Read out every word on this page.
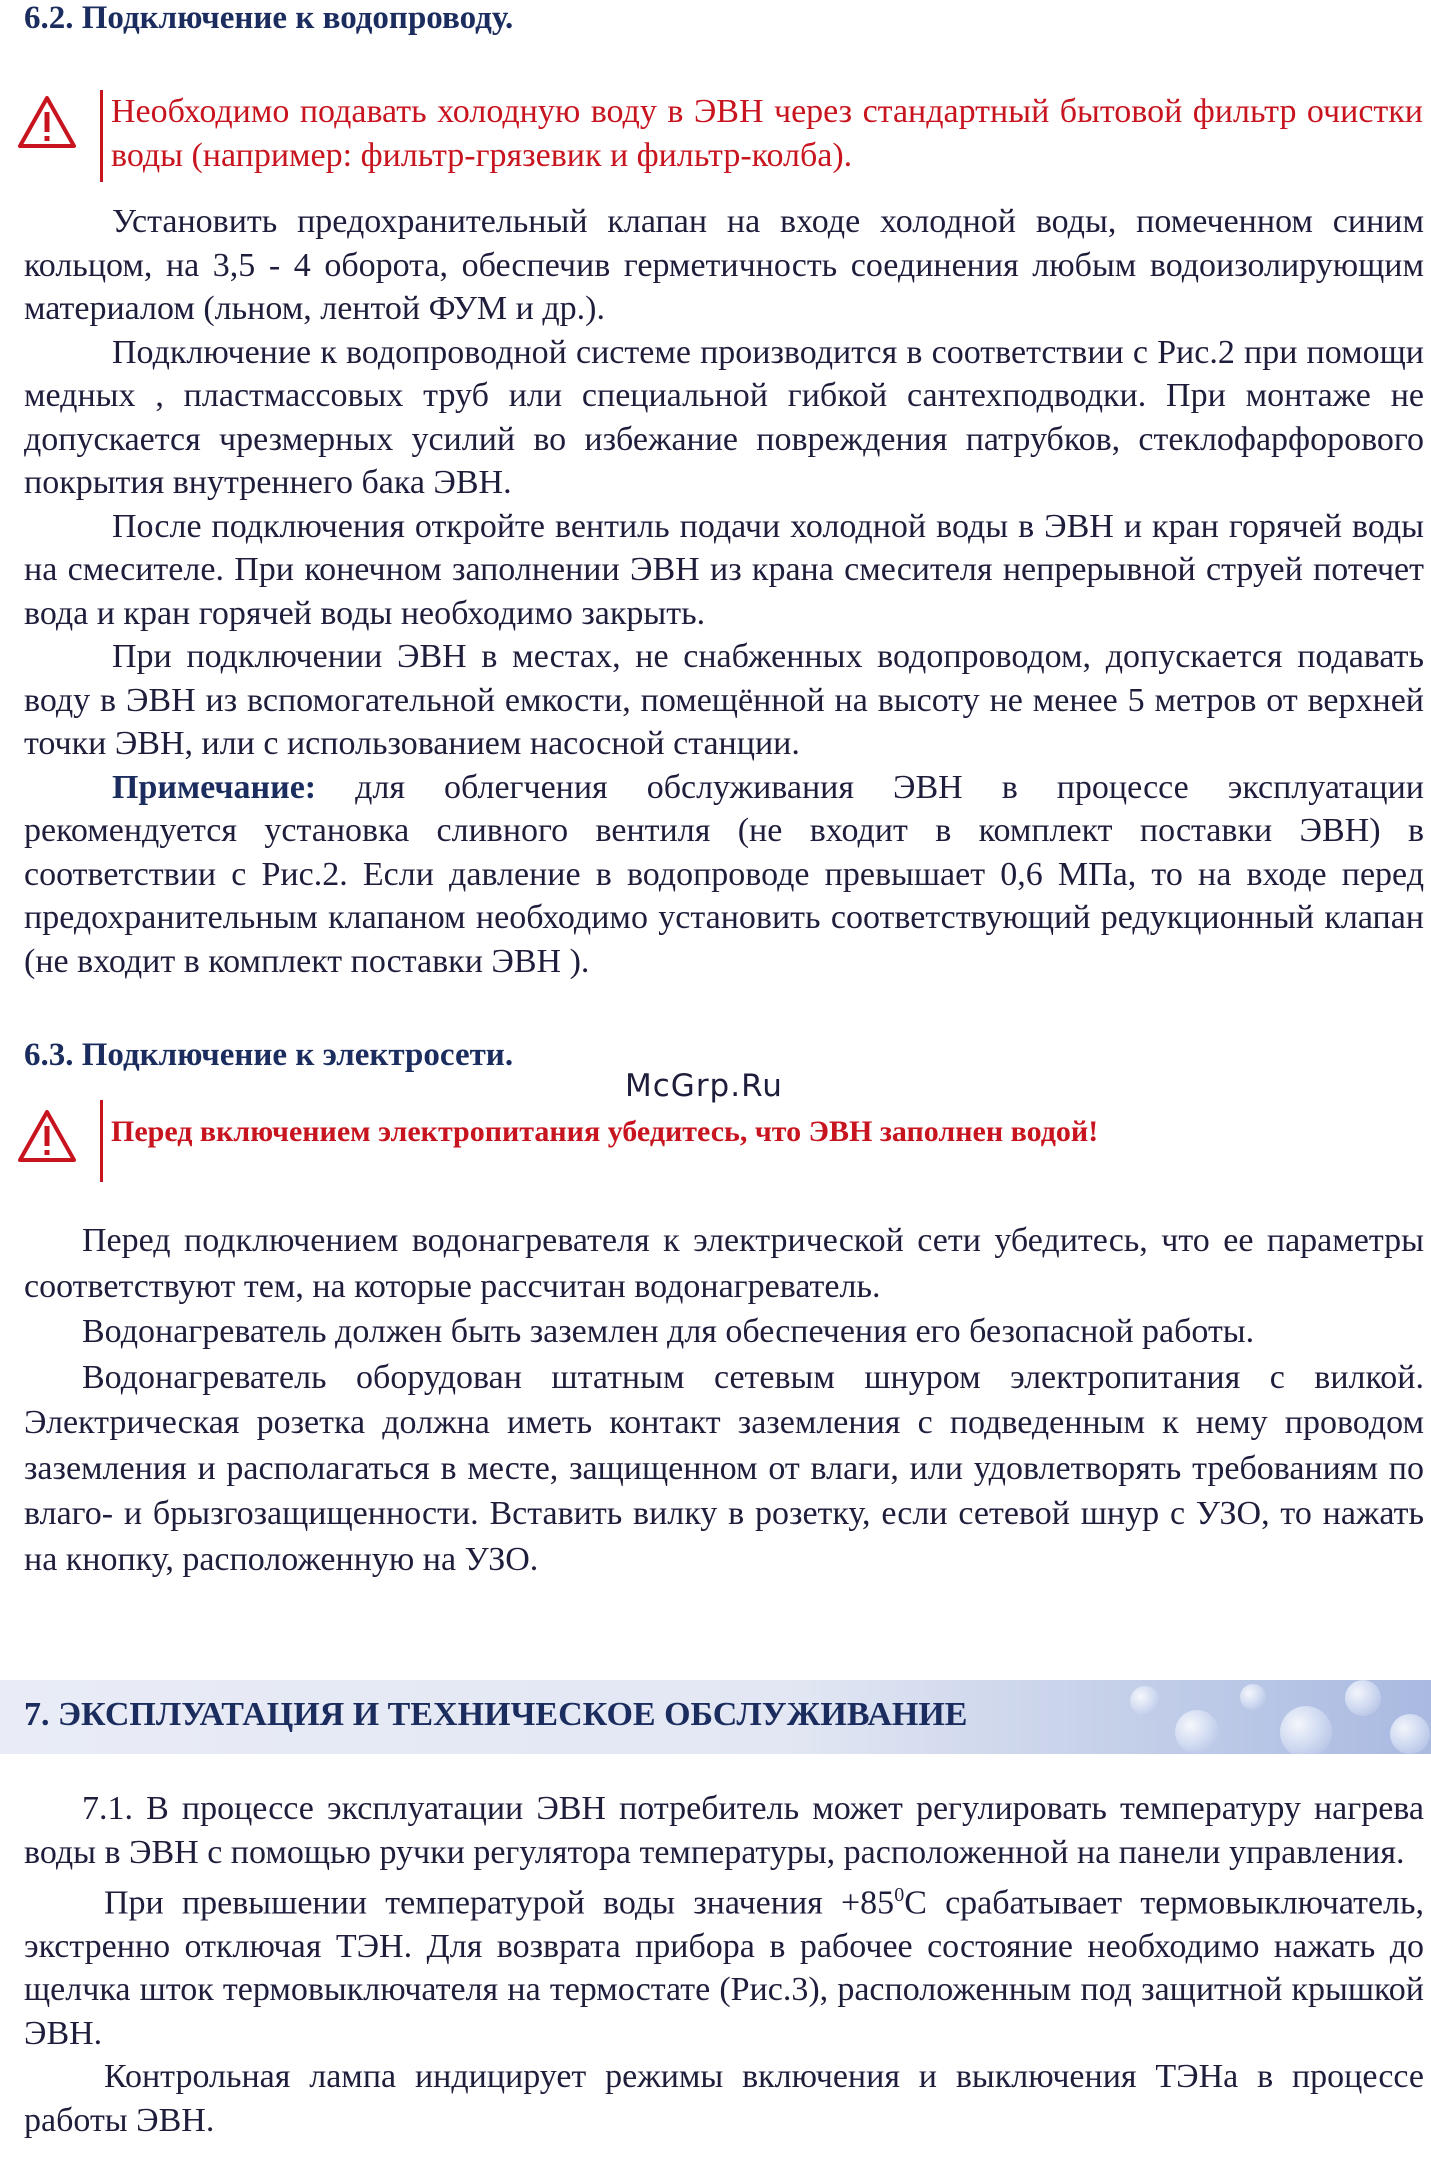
6.2. Подключение к водопроводу.
Необходимо подавать холодную воду в ЭВН через стандартный бытовой фильтр очистки воды (например: фильтр-грязевик и фильтр-колба).

Установить предохранительный клапан на входе холодной воды, помеченном синим кольцом, на 3,5 - 4 оборота, обеспечив герметичность соединения любым водоизолирующим материалом (льном, лентой ФУМ и др.).

Подключение к водопроводной системе производится в соответствии с Рис.2 при помощи медных , пластмассовых труб или специальной гибкой сантехподводки. При монтаже не допускается чрезмерных усилий во избежание повреждения патрубков, стеклофарфорового покрытия внутреннего бака ЭВН.

После подключения откройте вентиль подачи холодной воды в ЭВН и кран горячей воды на смесителе. При конечном заполнении ЭВН из крана смесителя непрерывной струей потечет вода и кран горячей воды необходимо закрыть.

При подключении ЭВН в местах, не снабженных водопроводом, допускается подавать воду в ЭВН из вспомогательной емкости, помещённой на высоту не менее 5 метров от верхней точки ЭВН, или с использованием насосной станции.

Примечание: для облегчения обслуживания ЭВН в процессе эксплуатации рекомендуется установка сливного вентиля (не входит в комплект поставки ЭВН) в соответствии с Рис.2. Если давление в водопроводе превышает 0,6 МПа, то на входе перед предохранительным клапаном необходимо установить соответствующий редукционный клапан (не входит в комплект поставки ЭВН ).

6.3. Подключение к электросети.
McGrp.Ru
Перед включением электропитания убедитесь, что ЭВН заполнен водой!

Перед подключением водонагревателя к электрической сети убедитесь, что ее параметры соответствуют тем, на которые рассчитан водонагреватель.

Водонагреватель должен быть заземлен для обеспечения его безопасной работы.

Водонагреватель оборудован штатным сетевым шнуром электропитания с вилкой. Электрическая розетка должна иметь контакт заземления с подведенным к нему проводом заземления и располагаться в месте, защищенном от влаги, или удовлетворять требованиям по влаго- и брызгозащищенности. Вставить вилку в розетку, если сетевой шнур с УЗО, то нажать на кнопку, расположенную на УЗО.

7. ЭКСПЛУАТАЦИЯ И ТЕХНИЧЕСКОЕ ОБСЛУЖИВАНИЕ

7.1. В процессе эксплуатации ЭВН потребитель может регулировать температуру нагрева воды в ЭВН с помощью ручки регулятора температуры, расположенной на панели управления.

При превышении температурой воды значения $+85^0С$ срабатывает термовыключатель, экстренно отключая ТЭН. Для возврата прибора в рабочее состояние необходимо нажать до щелчка шток термовыключателя на термостате (Рис.3), расположенным под защитной крышкой ЭВН.

Контрольная лампа индицирует режимы включения и выключения ТЭНа в процессе работы ЭВН.
